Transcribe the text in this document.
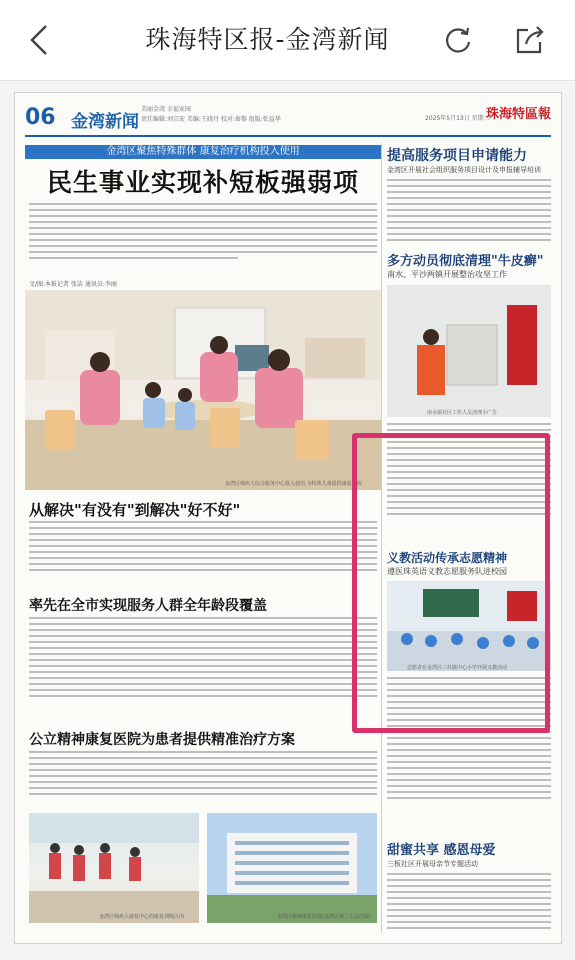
珠海特区报-金湾新闻
06 金湾新闻
美丽金湾 幸福家园
责任编辑:刘宗宏 美编:王晓丹 校对:秦黎 组版:张益华	2025年5月13日 星期二
珠海特區報
金湾区聚焦特殊群体 康复治疗机构投入使用
民生事业实现补短板强弱项
文/图:本报记者 张洁 通讯员:李丽
金湾区残疾人综合服务中心投入使用,为特殊儿童提供康复训练
从解决"有没有"到解决"好不好"
率先在全市实现服务人群全年龄段覆盖
公立精神康复医院为患者提供精准治疗方案
金湾区残疾人康复中心的康复训练区内	金湾区精神康复医院(金湾区第二人民医院)
提高服务项目申请能力
金湾区开展社会组织服务项目设计及申报辅导培训
多方动员彻底清理"牛皮癣"
南水、平沙两镇开展整治攻坚工作
南水镇社区工作人员清理小广告
义教活动传承志愿精神
遵医珠英语义教志愿服务队进校园
志愿者在金湾区三灶镇中心小学开展义教活动
甜蜜共享 感恩母爱
三板社区开展母亲节专题活动
